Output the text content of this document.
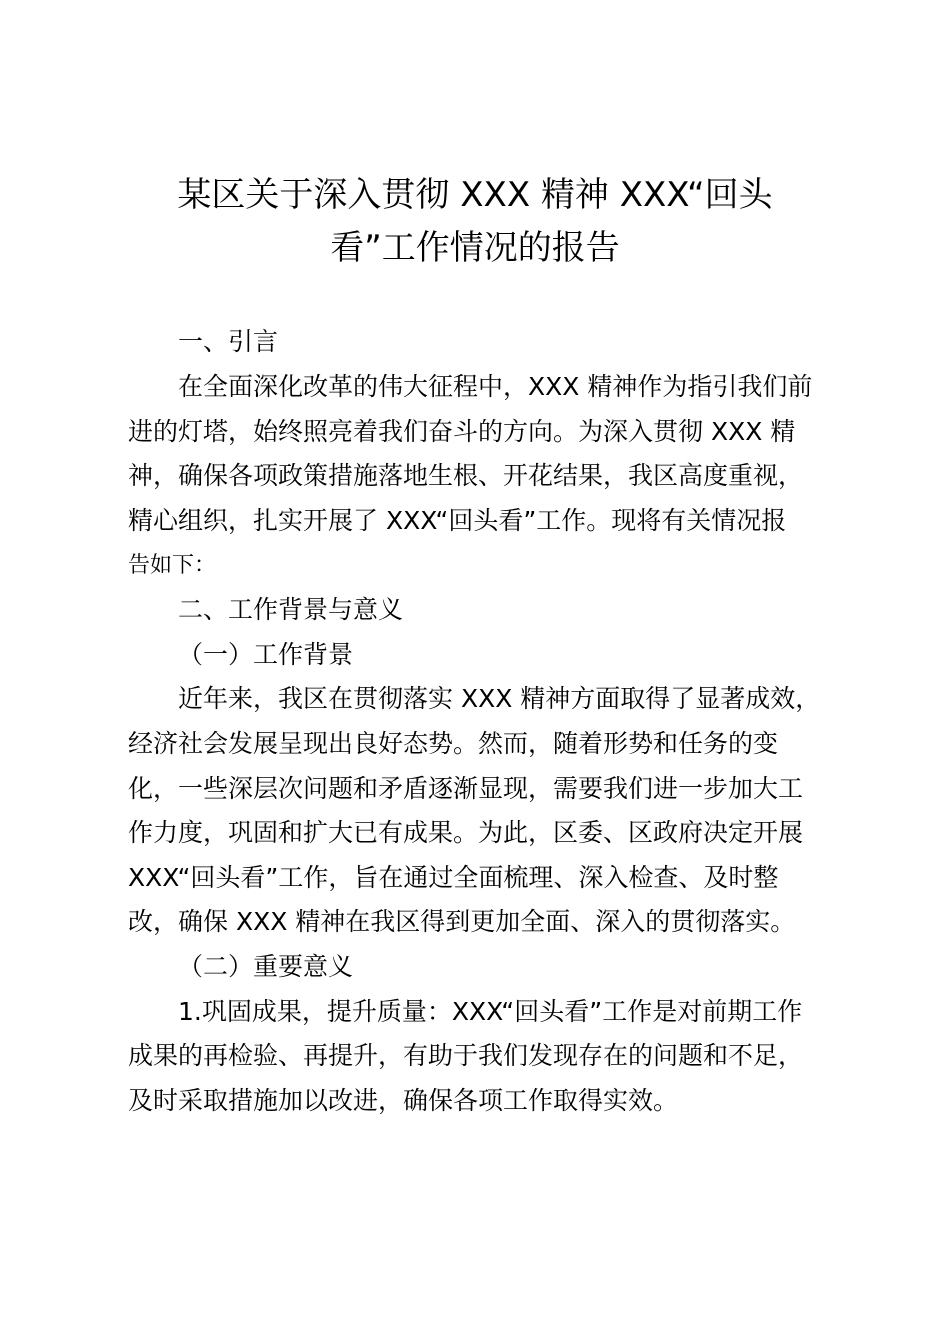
某区关于深入贯彻 XXX 精神 XXX“回头
看”工作情况的报告

一、引言

在全面深化改革的伟大征程中，XXX 精神作为指引我们前

进的灯塔，始终照亮着我们奋斗的方向。为深入贯彻 XXX 精

神，确保各项政策措施落地生根、开花结果，我区高度重视，

精心组织，扎实开展了 XXX“回头看”工作。现将有关情况报

告如下：

二、工作背景与意义

（一）工作背景

近年来，我区在贯彻落实 XXX 精神方面取得了显著成效，

经济社会发展呈现出良好态势。然而，随着形势和任务的变

化，一些深层次问题和矛盾逐渐显现，需要我们进一步加大工

作力度，巩固和扩大已有成果。为此，区委、区政府决定开展

XXX“回头看”工作，旨在通过全面梳理、深入检查、及时整

改，确保 XXX 精神在我区得到更加全面、深入的贯彻落实。

（二）重要意义

1.巩固成果，提升质量：XXX“回头看”工作是对前期工作

成果的再检验、再提升，有助于我们发现存在的问题和不足，

及时采取措施加以改进，确保各项工作取得实效。
